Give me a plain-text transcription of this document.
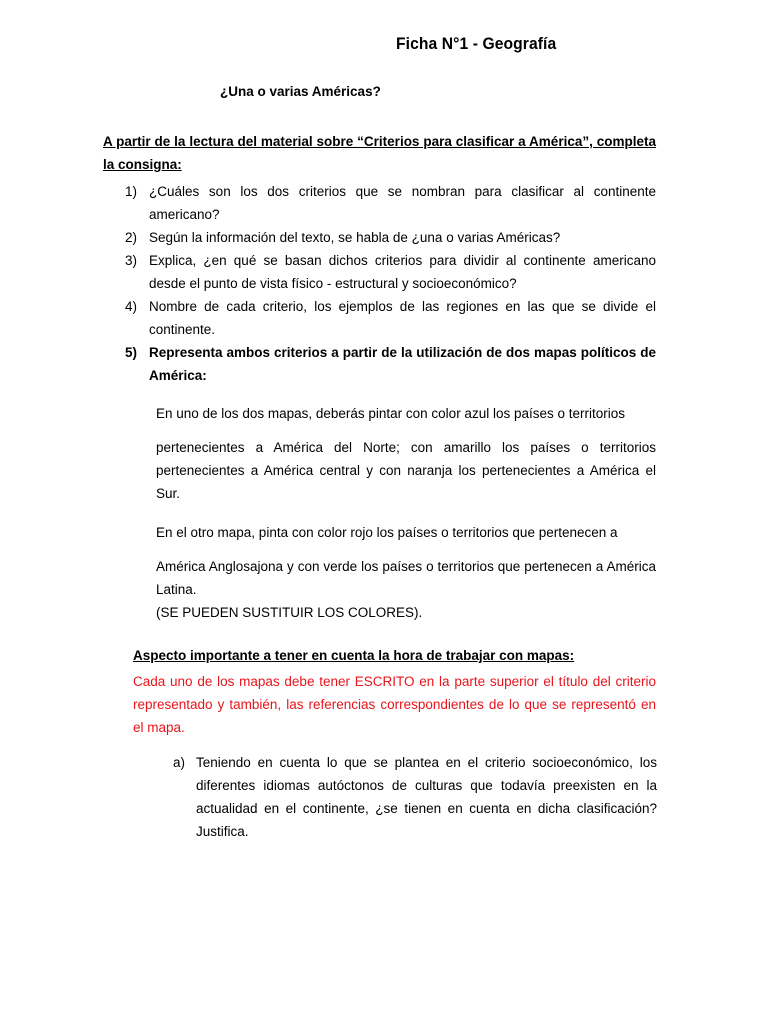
Ficha N°1 - Geografía
¿Una o varias Américas?
A partir de la lectura del material sobre “Criterios para clasificar a América”, completa la consigna:
1) ¿Cuáles son los dos criterios que se nombran para clasificar al continente americano?
2) Según la información del texto, se habla de ¿una o varias Américas?
3) Explica, ¿en qué se basan dichos criterios para dividir al continente americano desde el punto de vista físico - estructural y socioeconómico?
4) Nombre de cada criterio, los ejemplos de las regiones en las que se divide el continente.
5) Representa ambos criterios a partir de la utilización de dos mapas políticos de América:
En uno de los dos mapas, deberás pintar con color azul los países o territorios
pertenecientes a América del Norte; con amarillo los países o territorios pertenecientes a América central y con naranja los pertenecientes a América el Sur.
En el otro mapa, pinta con color rojo los países o territorios que pertenecen a
América Anglosajona y con verde los países o territorios que pertenecen a América Latina.
(SE PUEDEN SUSTITUIR LOS COLORES).
Aspecto importante a tener en cuenta la hora de trabajar con mapas:
Cada uno de los mapas debe tener ESCRITO en la parte superior el título del criterio representado y también, las referencias correspondientes de lo que se representó en el mapa.
a) Teniendo en cuenta lo que se plantea en el criterio socioeconómico, los diferentes idiomas autóctonos de culturas que todavía preexisten en la actualidad en el continente, ¿se tienen en cuenta en dicha clasificación? Justifica.
